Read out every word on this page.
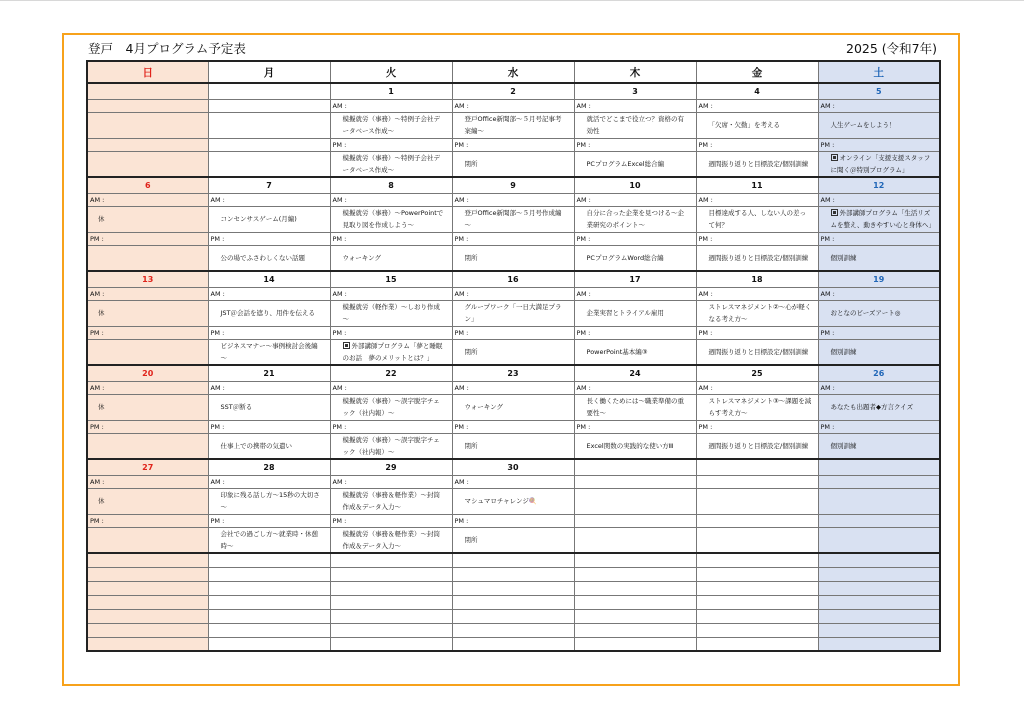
登戸　4月プログラム予定表	2025 (令和7年)
日	月	火	水	木	金	土
		1	2	3	4	5
		AM :	AM :	AM :	AM :	AM :

		模擬就労（事務）～特例子会社データベース作成～	登戸Office新聞部～５月号記事考案編～	就活でどこまで役立つ？資格の有効性	「欠席・欠勤」を考える	人生ゲームをしよう！

		PM :	PM :	PM :	PM :	PM :

		模擬就労（事務）～特例子会社データベース作成～	閉所	PCプログラムExcel総合編	週間振り返りと目標設定/個別訓練	オンライン「支援支援スタッフに聞く＠特別プログラム」

6	7	8	9	10	11	12
AM :	AM :	AM :	AM :	AM :	AM :	AM :

休	コンセンサスゲーム(月編)	模擬就労（事務）～PowerPointで見取り図を作成しよう～	登戸Office新聞部～５月号作成編～	自分に合った企業を見つける～企業研究のポイント～	目標達成する人、しない人の差って何？	外部講師プログラム「生活リズムを整え、動きやすい心と身体へ」

PM :	PM :	PM :	PM :	PM :	PM :	PM :

	公の場でふさわしくない話題	ウォーキング	閉所	PCプログラムWord総合編	週間振り返りと目標設定/個別訓練	個別訓練

13	14	15	16	17	18	19
AM :	AM :	AM :	AM :	AM :	AM :	AM :

休	JST＠会話を遮り、用件を伝える	模擬就労（軽作業）～しおり作成～	グループワーク「一日大満足プラン」	企業実習とトライアル雇用	ストレスマネジメント②～心が軽くなる考え方～	おとなのビーズアート◎

PM :	PM :	PM :	PM :	PM :	PM :	PM :

	ビジネスマナー～事例検討会後編～	外部講師プログラム「夢と睡眠のお話　夢のメリットとは？」	閉所	PowerPoint基本編③	週間振り返りと目標設定/個別訓練	個別訓練

20	21	22	23	24	25	26
AM :	AM :	AM :	AM :	AM :	AM :	AM :

休	SST＠断る	模擬就労（事務）～誤字脱字チェック（社内報）～	ウォーキング	長く働くためには～職業準備の重要性～	ストレスマネジメント③～課題を減らす考え方～	あなたも出題者◆方言クイズ

PM :	PM :	PM :	PM :	PM :	PM :	PM :

	仕事上での携帯の気遣い	模擬就労（事務）～誤字脱字チェック（社内報）～	閉所	Excel関数の実践的な使い方Ⅲ	週間振り返りと目標設定/個別訓練	個別訓練

27	28	29	30			
AM :	AM :	AM :	AM :			

休	印象に残る話し方～15秒の大切さ～	模擬就労（事務＆軽作業）～封筒作成＆データ入力～	マシュマロチャレンジ🍭			

PM :	PM :	PM :	PM :			

	会社での過ごし方～就業時・休憩時～	模擬就労（事務＆軽作業）～封筒作成＆データ入力～	閉所			
